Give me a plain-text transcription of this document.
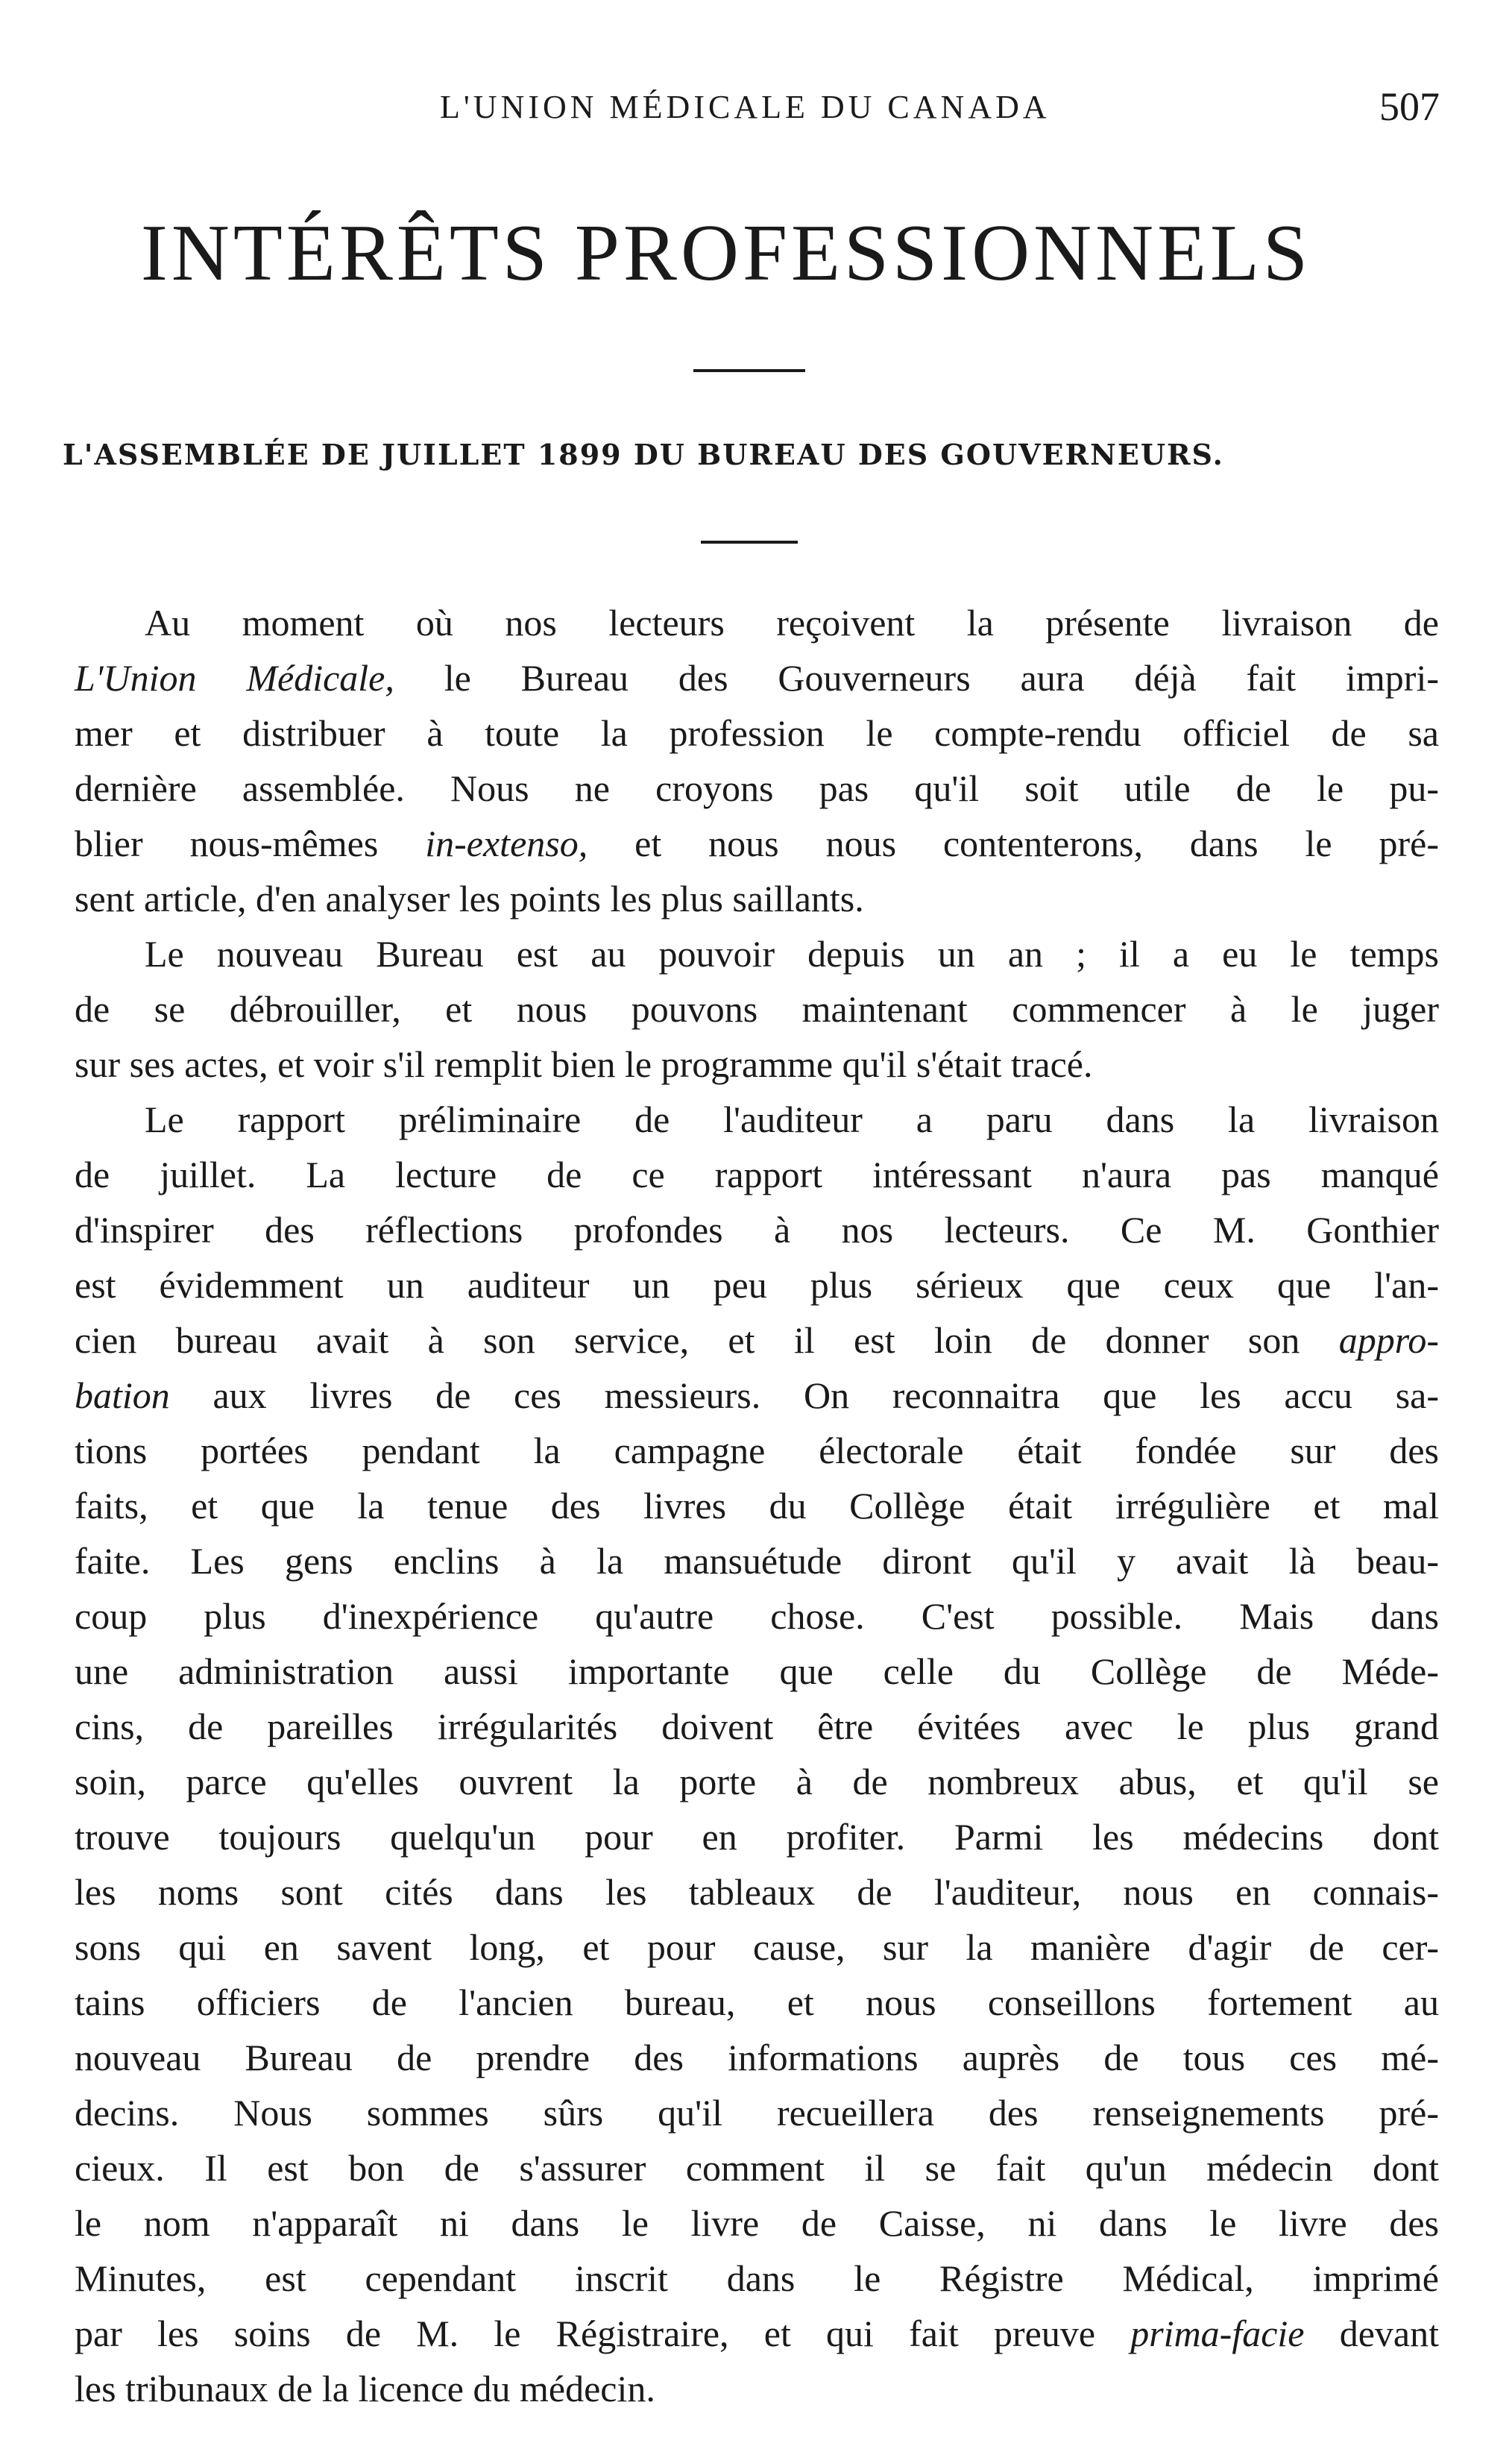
L'UNION MÉDICALE DU CANADA	507
INTÉRÊTS PROFESSIONNELS
L'ASSEMBLÉE DE JUILLET 1899 DU BUREAU DES GOUVERNEURS.
Au moment où nos lecteurs reçoivent la présente livraison de
L'Union Médicale, le Bureau des Gouverneurs aura déjà fait impri-
mer et distribuer à toute la profession le compte-rendu officiel de sa
dernière assemblée. Nous ne croyons pas qu'il soit utile de le pu-
blier nous-mêmes in-extenso, et nous nous contenterons, dans le pré-
sent article, d'en analyser les points les plus saillants.
Le nouveau Bureau est au pouvoir depuis un an ; il a eu le temps
de se débrouiller, et nous pouvons maintenant commencer à le juger
sur ses actes, et voir s'il remplit bien le programme qu'il s'était tracé.
Le rapport préliminaire de l'auditeur a paru dans la livraison
de juillet. La lecture de ce rapport intéressant n'aura pas manqué
d'inspirer des réflections profondes à nos lecteurs. Ce M. Gonthier
est évidemment un auditeur un peu plus sérieux que ceux que l'an-
cien bureau avait à son service, et il est loin de donner son appro-
bation aux livres de ces messieurs. On reconnaitra que les accu sa-
tions portées pendant la campagne électorale était fondée sur des
faits, et que la tenue des livres du Collège était irrégulière et mal
faite. Les gens enclins à la mansuétude diront qu'il y avait là beau-
coup plus d'inexpérience qu'autre chose. C'est possible. Mais dans
une administration aussi importante que celle du Collège de Méde-
cins, de pareilles irrégularités doivent être évitées avec le plus grand
soin, parce qu'elles ouvrent la porte à de nombreux abus, et qu'il se
trouve toujours quelqu'un pour en profiter. Parmi les médecins dont
les noms sont cités dans les tableaux de l'auditeur, nous en connais-
sons qui en savent long, et pour cause, sur la manière d'agir de cer-
tains officiers de l'ancien bureau, et nous conseillons fortement au
nouveau Bureau de prendre des informations auprès de tous ces mé-
decins. Nous sommes sûrs qu'il recueillera des renseignements pré-
cieux. Il est bon de s'assurer comment il se fait qu'un médecin dont
le nom n'apparaît ni dans le livre de Caisse, ni dans le livre des
Minutes, est cependant inscrit dans le Régistre Médical, imprimé
par les soins de M. le Régistraire, et qui fait preuve prima-facie devant
les tribunaux de la licence du médecin.
